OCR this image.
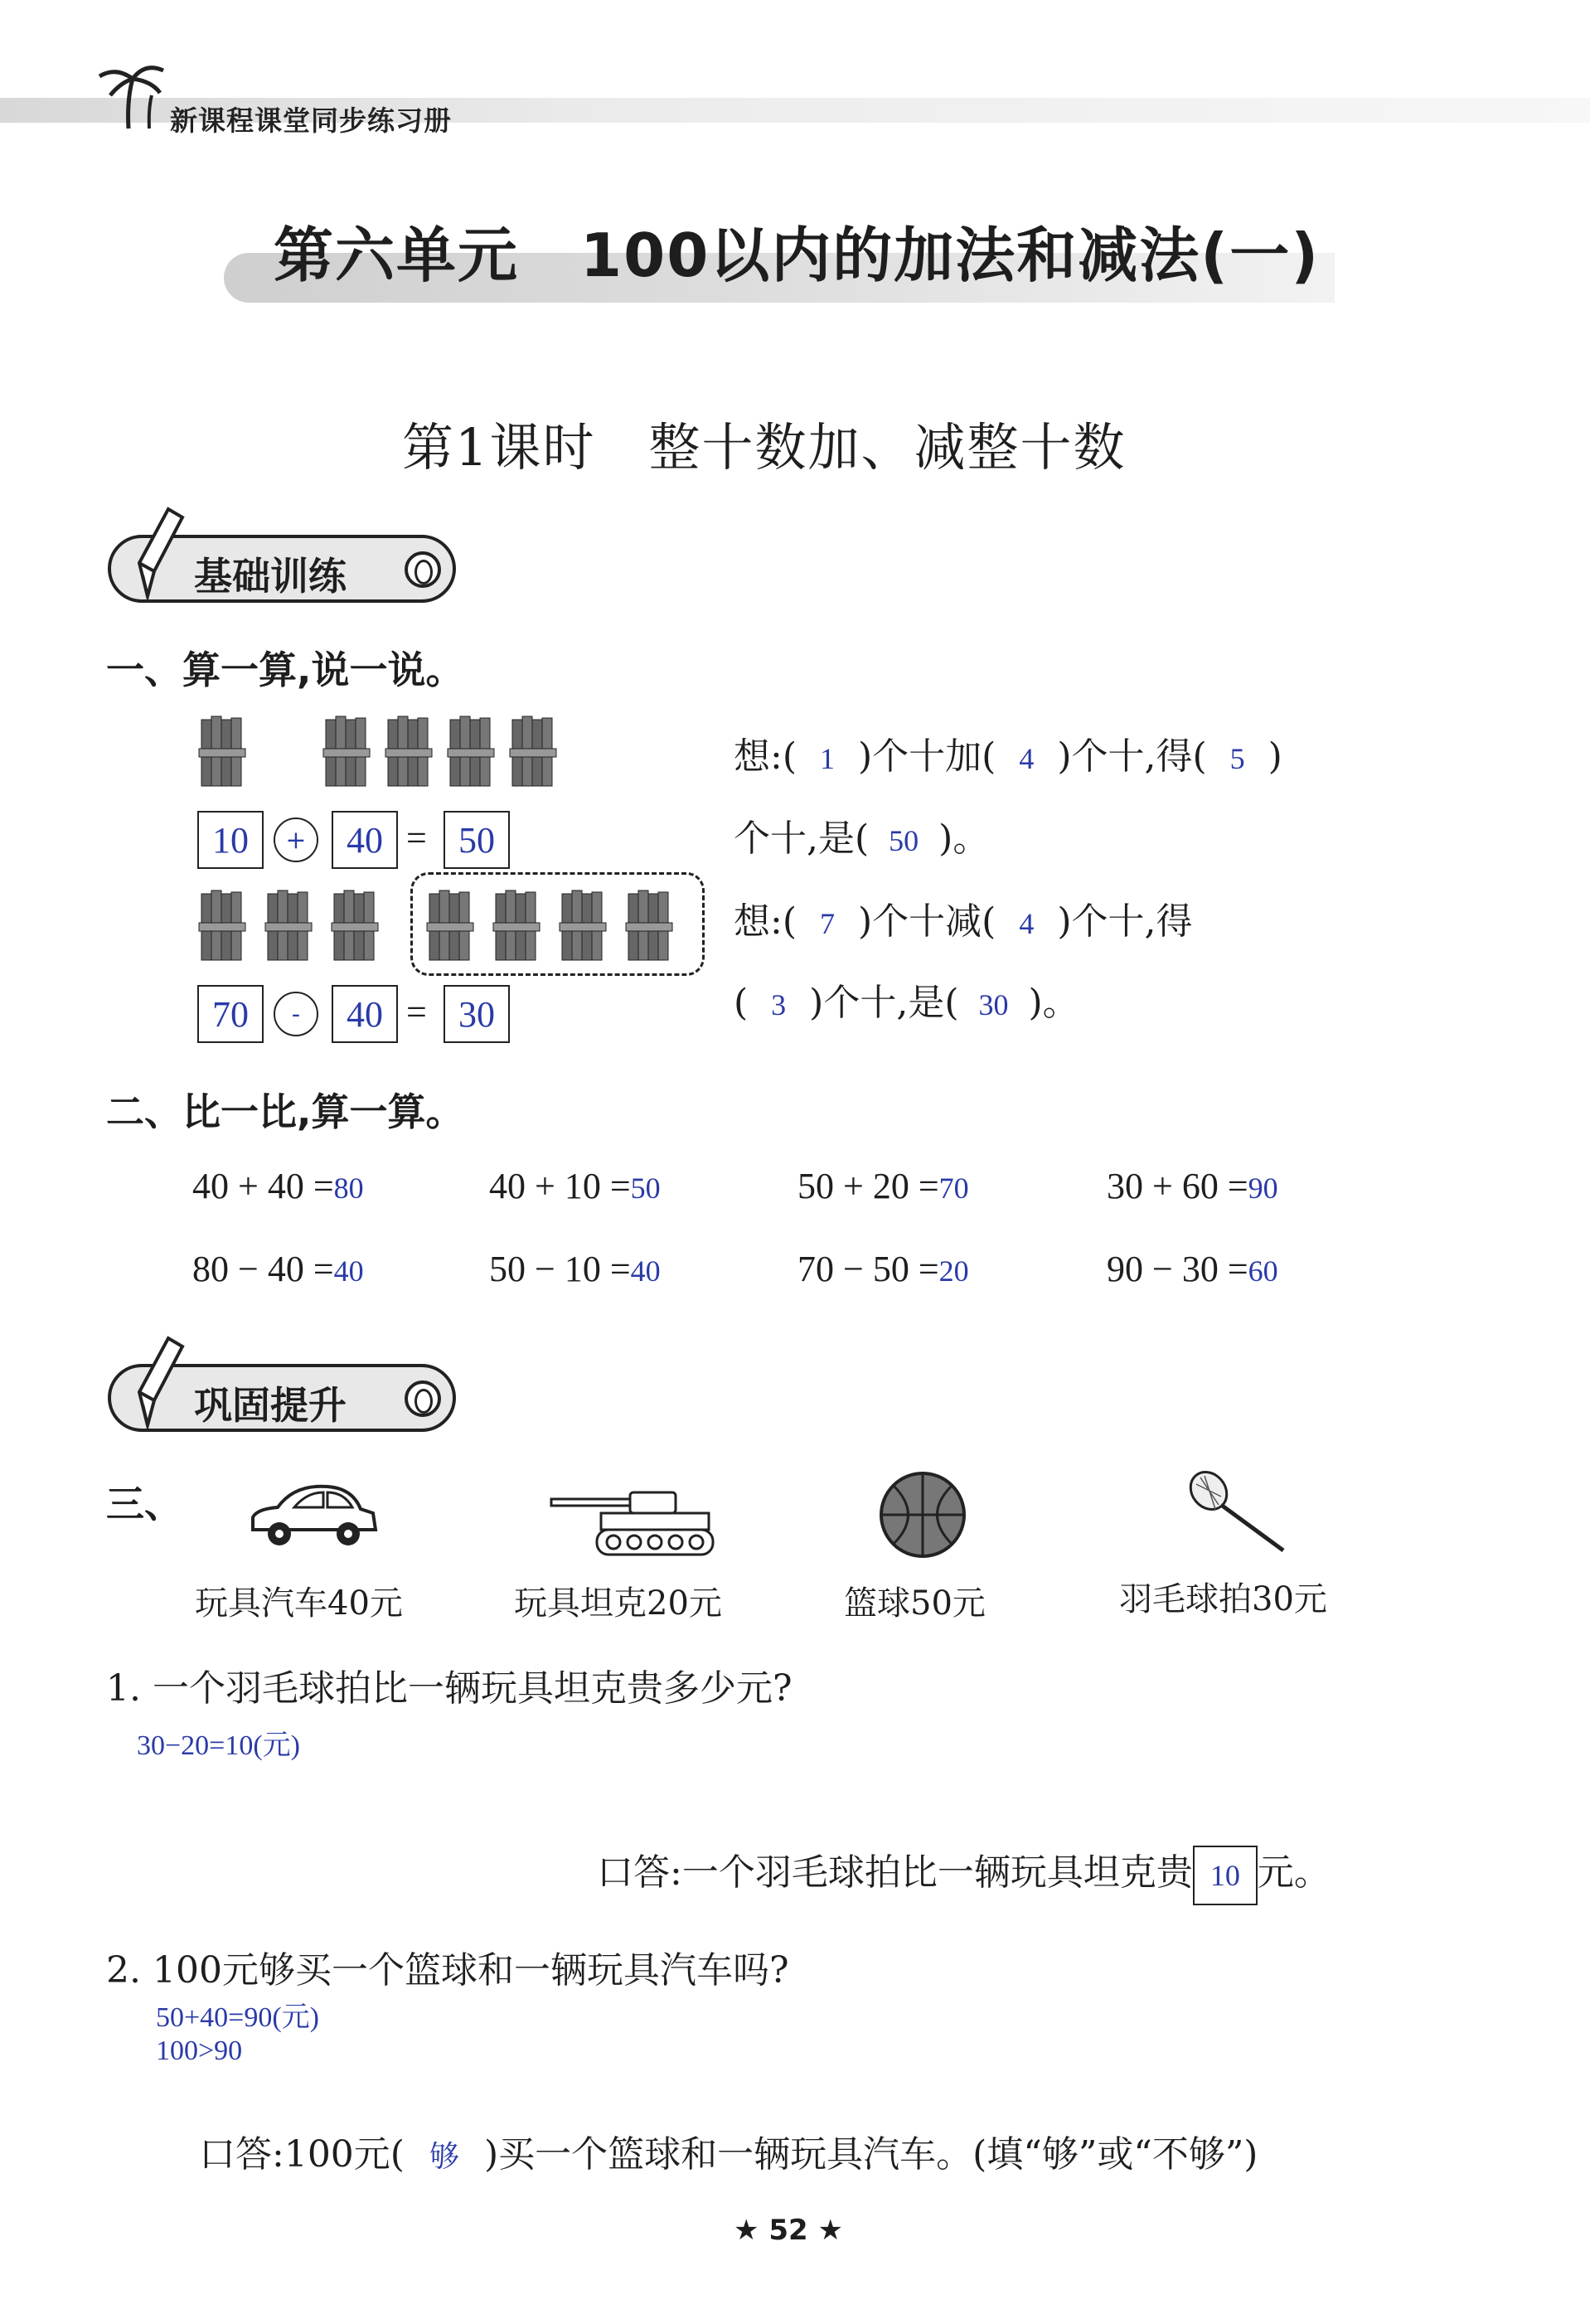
新课程课堂同步练习册
第六单元　100以内的加法和减法(一)
第1课时　整十数加、减整十数
基础训练
一、算一算,说一说。
10	+	40 = 50
70	-	40 = 30
想:( 1 )个十加( 4 )个十,得( 5 )
个十,是( 50 )。
想:( 7 )个十减( 4 )个十,得
( 3 )个十,是( 30 )。
二、比一比,算一算。
40 + 40 =80	40 + 10 =50	50 + 20 =70	30 + 60 =90
80 − 40 =40	50 − 10 =40	70 − 50 =20	90 − 30 =60
巩固提升
三、
玩具汽车40元	玩具坦克20元	篮球50元	羽毛球拍30元
1. 一个羽毛球拍比一辆玩具坦克贵多少元?
30−20=10(元)
口答:一个羽毛球拍比一辆玩具坦克贵 10 元。
2. 100元够买一个篮球和一辆玩具汽车吗?
50+40=90(元)
100>90
口答:100元( 够 )买一个篮球和一辆玩具汽车。(填“够”或“不够”)
★ 52 ★
